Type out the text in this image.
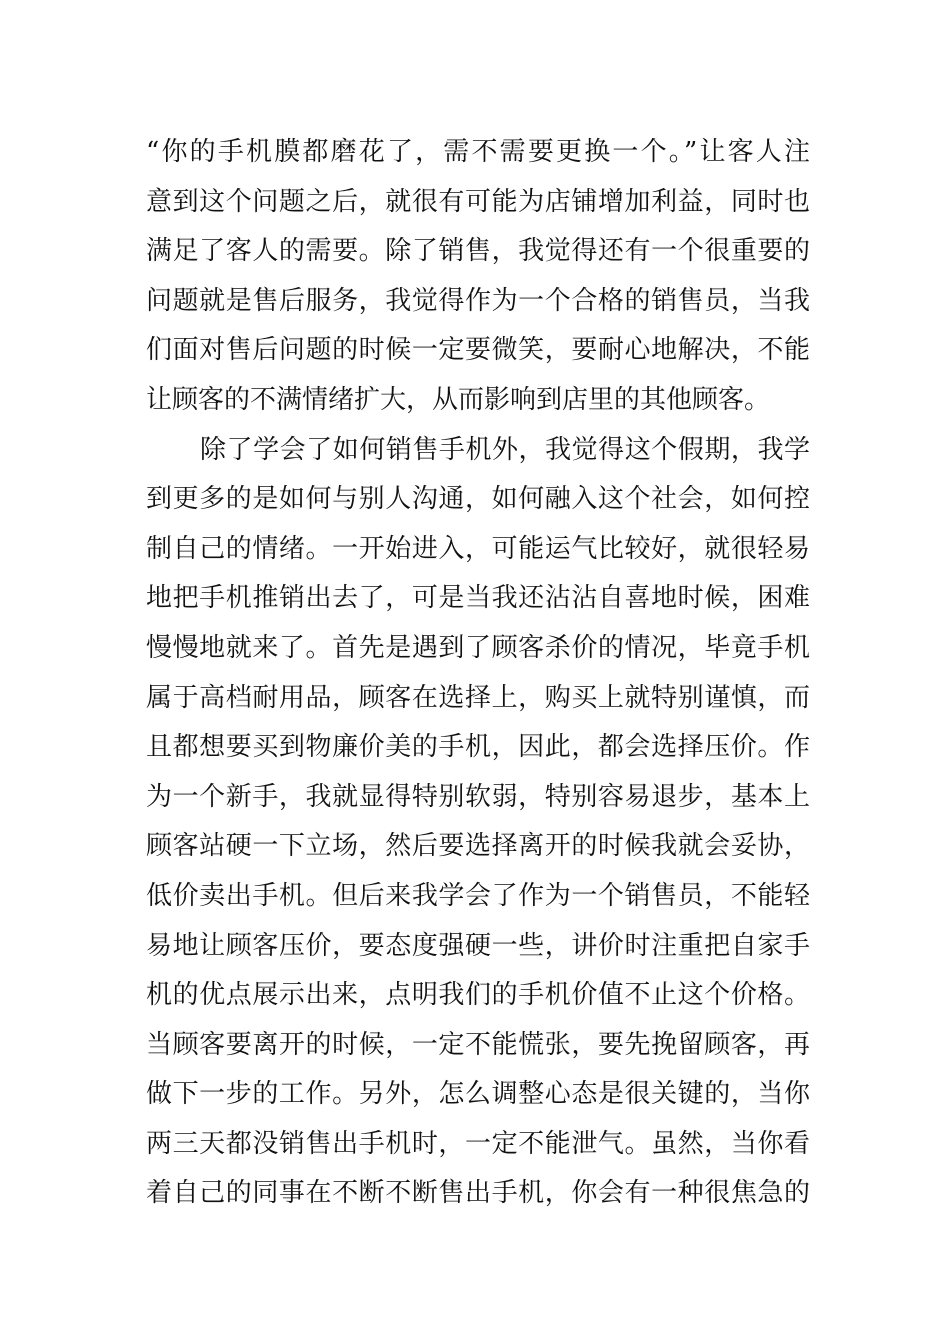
“你的手机膜都磨花了，需不需要更换一个。”让客人注
意到这个问题之后，就很有可能为店铺增加利益，同时也
满足了客人的需要。除了销售，我觉得还有一个很重要的
问题就是售后服务，我觉得作为一个合格的销售员，当我
们面对售后问题的时候一定要微笑，要耐心地解决，不能
让顾客的不满情绪扩大，从而影响到店里的其他顾客。
除了学会了如何销售手机外，我觉得这个假期，我学
到更多的是如何与别人沟通，如何融入这个社会，如何控
制自己的情绪。一开始进入，可能运气比较好，就很轻易
地把手机推销出去了，可是当我还沾沾自喜地时候，困难
慢慢地就来了。首先是遇到了顾客杀价的情况，毕竟手机
属于高档耐用品，顾客在选择上，购买上就特别谨慎，而
且都想要买到物廉价美的手机，因此，都会选择压价。作
为一个新手，我就显得特别软弱，特别容易退步，基本上
顾客站硬一下立场，然后要选择离开的时候我就会妥协，
低价卖出手机。但后来我学会了作为一个销售员，不能轻
易地让顾客压价，要态度强硬一些，讲价时注重把自家手
机的优点展示出来，点明我们的手机价值不止这个价格。
当顾客要离开的时候，一定不能慌张，要先挽留顾客，再
做下一步的工作。另外，怎么调整心态是很关键的，当你
两三天都没销售出手机时，一定不能泄气。虽然，当你看
着自己的同事在不断不断售出手机，你会有一种很焦急的
